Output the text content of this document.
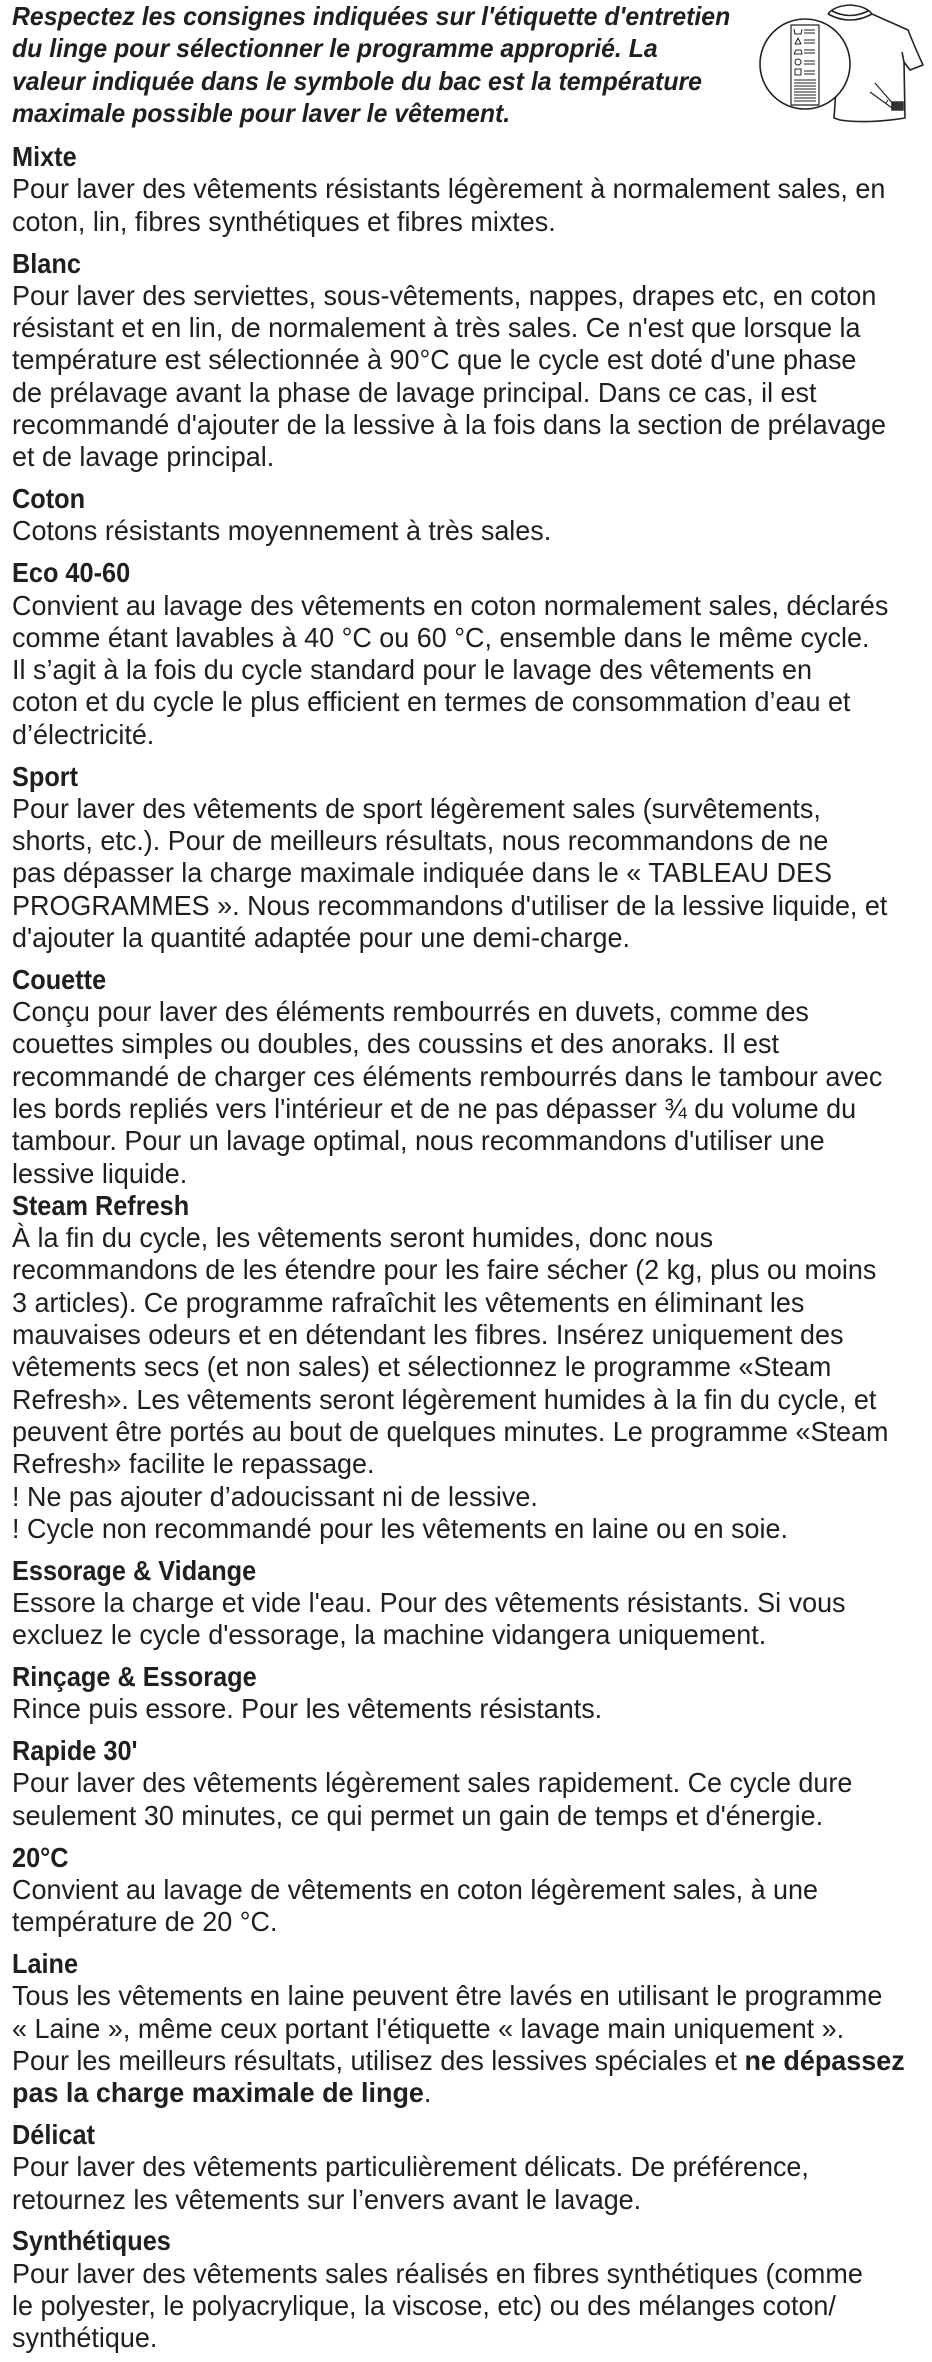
Respectez les consignes indiquées sur l'étiquette d'entretien
du linge pour sélectionner le programme approprié. La
valeur indiquée dans le symbole du bac est la température
maximale possible pour laver le vêtement.
Mixte
Pour laver des vêtements résistants légèrement à normalement sales, en
coton, lin, fibres synthétiques et fibres mixtes.
Blanc
Pour laver des serviettes, sous-vêtements, nappes, drapes etc, en coton
résistant et en lin, de normalement à très sales. Ce n'est que lorsque la
température est sélectionnée à 90°C que le cycle est doté d'une phase
de prélavage avant la phase de lavage principal. Dans ce cas, il est
recommandé d'ajouter de la lessive à la fois dans la section de prélavage
et de lavage principal.
Coton
Cotons résistants moyennement à très sales.
Eco 40-60
Convient au lavage des vêtements en coton normalement sales, déclarés
comme étant lavables à 40 °C ou 60 °C, ensemble dans le même cycle.
Il s’agit à la fois du cycle standard pour le lavage des vêtements en
coton et du cycle le plus efficient en termes de consommation d’eau et
d’électricité.
Sport
Pour laver des vêtements de sport légèrement sales (survêtements,
shorts, etc.). Pour de meilleurs résultats, nous recommandons de ne
pas dépasser la charge maximale indiquée dans le « TABLEAU DES
PROGRAMMES ». Nous recommandons d'utiliser de la lessive liquide, et
d'ajouter la quantité adaptée pour une demi-charge.
Couette
Conçu pour laver des éléments rembourrés en duvets, comme des
couettes simples ou doubles, des coussins et des anoraks. Il est
recommandé de charger ces éléments rembourrés dans le tambour avec
les bords repliés vers l'intérieur et de ne pas dépasser ¾ du volume du
tambour. Pour un lavage optimal, nous recommandons d'utiliser une
lessive liquide.
Steam Refresh
À la fin du cycle, les vêtements seront humides, donc nous
recommandons de les étendre pour les faire sécher (2 kg, plus ou moins
3 articles). Ce programme rafraîchit les vêtements en éliminant les
mauvaises odeurs et en détendant les fibres. Insérez uniquement des
vêtements secs (et non sales) et sélectionnez le programme «Steam
Refresh». Les vêtements seront légèrement humides à la fin du cycle, et
peuvent être portés au bout de quelques minutes. Le programme «Steam
Refresh» facilite le repassage.
! Ne pas ajouter d’adoucissant ni de lessive.
! Cycle non recommandé pour les vêtements en laine ou en soie.
Essorage & Vidange
Essore la charge et vide l'eau. Pour des vêtements résistants. Si vous
excluez le cycle d'essorage, la machine vidangera uniquement.
Rinçage & Essorage
Rince puis essore. Pour les vêtements résistants.
Rapide 30'
Pour laver des vêtements légèrement sales rapidement. Ce cycle dure
seulement 30 minutes, ce qui permet un gain de temps et d'énergie.
20°C
Convient au lavage de vêtements en coton légèrement sales, à une
température de 20 °C.
Laine
Tous les vêtements en laine peuvent être lavés en utilisant le programme
« Laine », même ceux portant l'étiquette « lavage main uniquement ».
Pour les meilleurs résultats, utilisez des lessives spéciales et ne dépassez
pas la charge maximale de linge.
Délicat
Pour laver des vêtements particulièrement délicats. De préférence,
retournez les vêtements sur l’envers avant le lavage.
Synthétiques
Pour laver des vêtements sales réalisés en fibres synthétiques (comme
le polyester, le polyacrylique, la viscose, etc) ou des mélanges coton/
synthétique.
